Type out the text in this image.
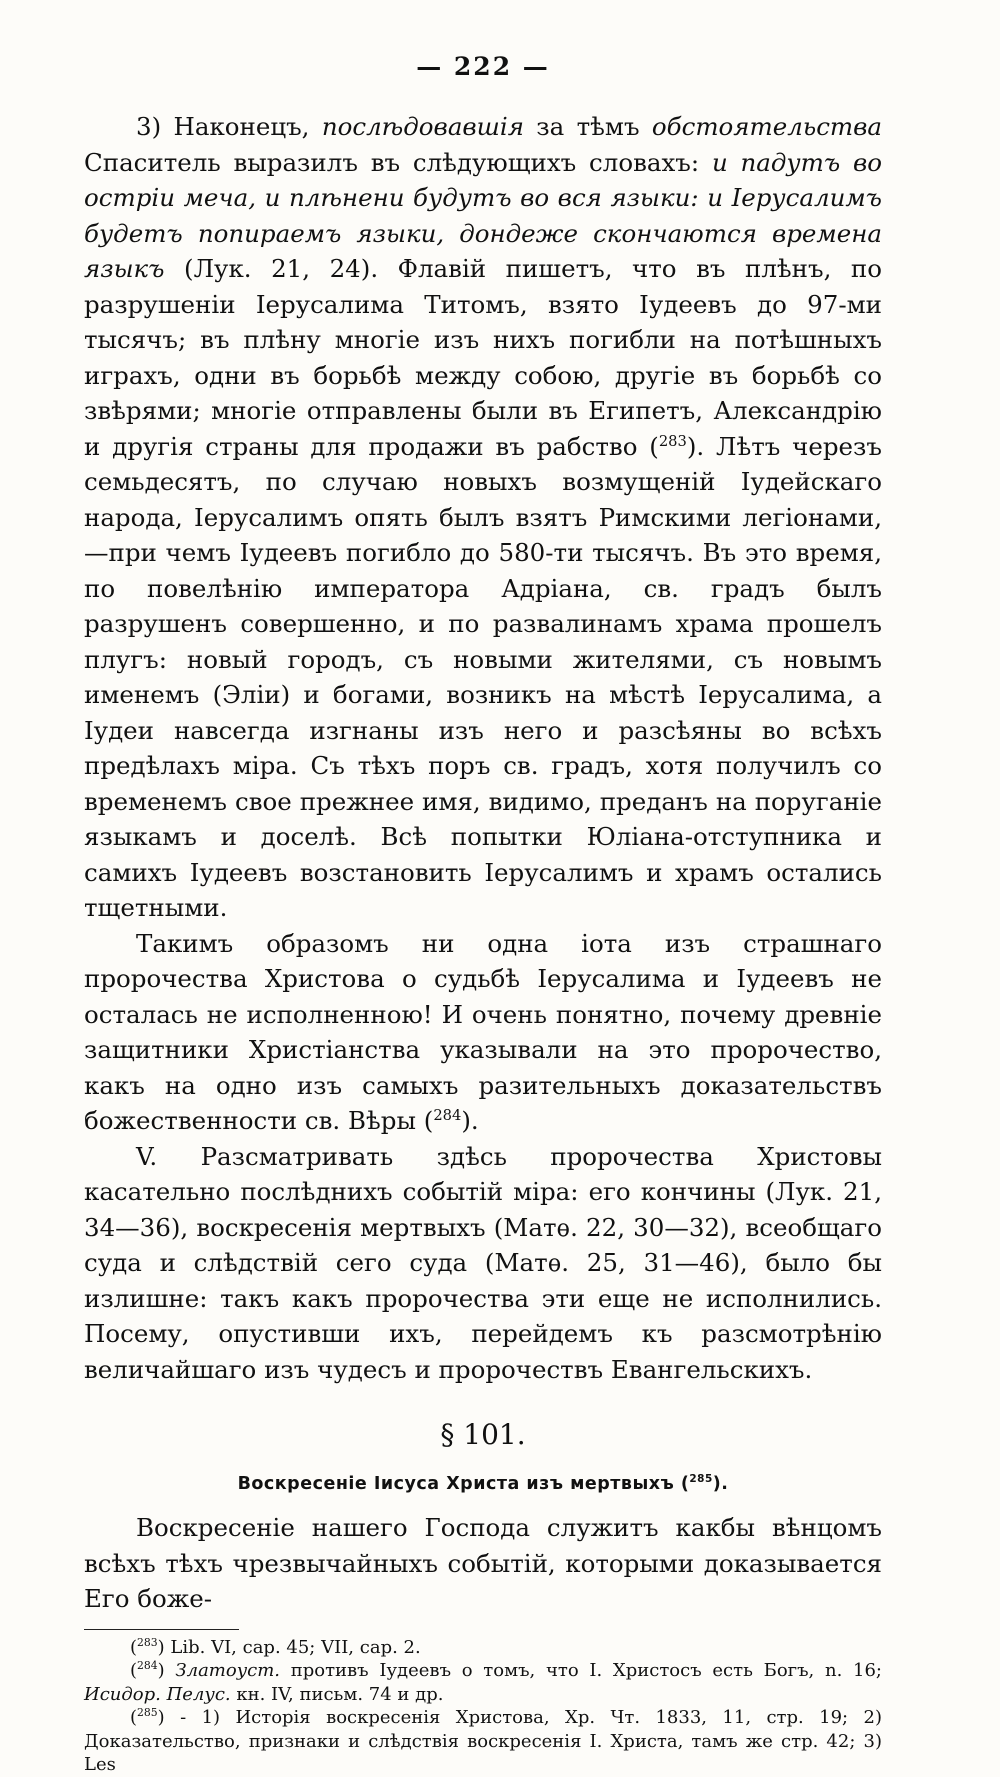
— 222 —

3) Наконецъ, послѣдовавшія за тѣмъ обстоятельства Спаситель выразилъ въ слѣдующихъ словахъ: и падутъ во остріи меча, и плѣнени будутъ во вся языки: и Іерусалимъ будетъ попираемъ языки, дондеже скончаются времена языкъ (Лук. 21, 24). Флавій пишетъ, что въ плѣнъ, по разрушеніи Іерусалима Титомъ, взято Іудеевъ до 97-ми тысячъ; въ плѣну многіе изъ нихъ погибли на потѣшныхъ играхъ, одни въ борьбѣ между собою, другіе въ борьбѣ со звѣрями; многіе отправлены были въ Египетъ, Александрію и другія страны для продажи въ рабство ($^{283}$). Лѣтъ черезъ семьдесятъ, по случаю новыхъ возмущеній Іудейскаго народа, Іерусалимъ опять былъ взятъ Римскими легіонами,—при чемъ Іудеевъ погибло до 580-ти тысячъ. Въ это время, по повелѣнію императора Адріана, св. градъ былъ разрушенъ совершенно, и по развалинамъ храма прошелъ плугъ: новый городъ, съ новыми жителями, съ новымъ именемъ (Эліи) и богами, возникъ на мѣстѣ Іерусалима, а Іудеи навсегда изгнаны изъ него и разсѣяны во всѣхъ предѣлахъ міра. Съ тѣхъ поръ св. градъ, хотя получилъ со временемъ свое прежнее имя, видимо, преданъ на поруганіе языкамъ и доселѣ. Всѣ попытки Юліана-отступника и самихъ Іудеевъ возстановить Іерусалимъ и храмъ остались тщетными.

Такимъ образомъ ни одна іота изъ страшнаго пророчества Христова о судьбѣ Іерусалима и Іудеевъ не осталась не исполненною! И очень понятно, почему древніе защитники Христіанства указывали на это пророчество, какъ на одно изъ самыхъ разительныхъ доказательствъ божественности св. Вѣры ($^{284}$).

V. Разсматривать здѣсь пророчества Христовы касательно послѣднихъ событій міра: его кончины (Лук. 21, 34—36), воскресенія мертвыхъ (Матѳ. 22, 30—32), всеобщаго суда и слѣдствій сего суда (Матѳ. 25, 31—46), было бы излишне: такъ какъ пророчества эти еще не исполнились. Посему, опустивши ихъ, перейдемъ къ разсмотрѣнію величайшаго изъ чудесъ и пророчествъ Евангельскихъ.

§ 101.
Воскресеніе Іисуса Христа изъ мертвыхъ ($^{285}$).

Воскресеніе нашего Господа служитъ какбы вѣнцомъ всѣхъ тѣхъ чрезвычайныхъ событій, которыми доказывается Его боже-

($^{283}$) Lib. VI, cap. 45; VII, cap. 2.

($^{284}$) Златоуст. противъ Іудеевъ о томъ, что I. Христосъ есть Богъ, n. 16; Исидор. Пелус. кн. IV, письм. 74 и др.

($^{285}$) - 1) Исторія воскресенія Христова, Хр. Чт. 1833, 11, стр. 19; 2) Доказательство, признаки и слѣдствія воскресенія I. Христа, тамъ же стр. 42; 3) Les
